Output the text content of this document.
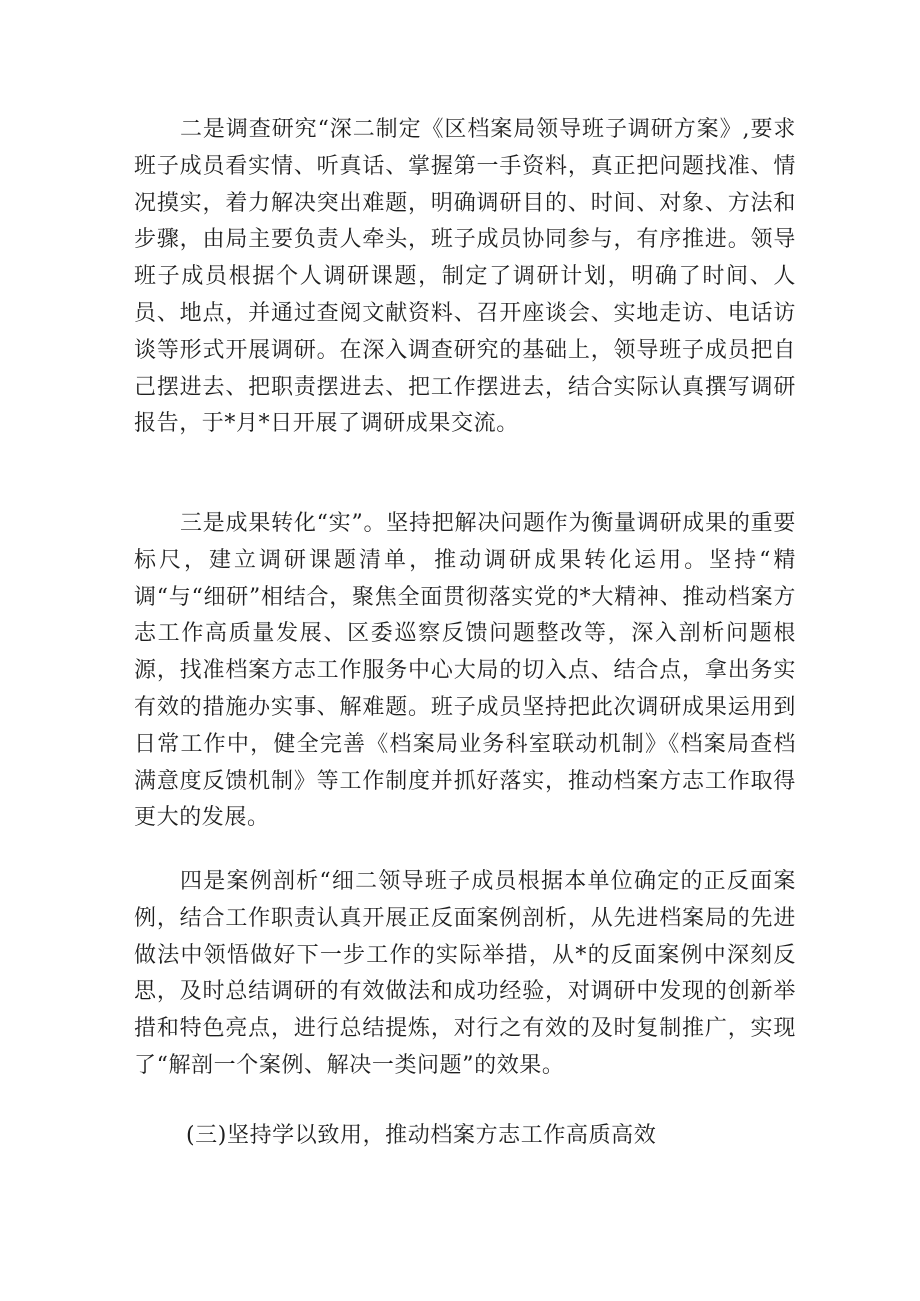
二是调查研究“深二制定《区档案局领导班子调研方案》,要求班子成员看实情、听真话、掌握第一手资料，真正把问题找准、情况摸实，着力解决突出难题，明确调研目的、时间、对象、方法和步骤，由局主要负责人牵头，班子成员协同参与，有序推进。领导班子成员根据个人调研课题，制定了调研计划，明确了时间、人员、地点，并通过查阅文献资料、召开座谈会、实地走访、电话访谈等形式开展调研。在深入调查研究的基础上，领导班子成员把自己摆进去、把职责摆进去、把工作摆进去，结合实际认真撰写调研报告，于*月*日开展了调研成果交流。

三是成果转化“实”。坚持把解决问题作为衡量调研成果的重要标尺，建立调研课题清单，推动调研成果转化运用。坚持“精调“与“细研”相结合，聚焦全面贯彻落实党的*大精神、推动档案方志工作高质量发展、区委巡察反馈问题整改等，深入剖析问题根源，找准档案方志工作服务中心大局的切入点、结合点，拿出务实有效的措施办实事、解难题。班子成员坚持把此次调研成果运用到日常工作中，健全完善《档案局业务科室联动机制》《档案局查档满意度反馈机制》等工作制度并抓好落实，推动档案方志工作取得更大的发展。

四是案例剖析“细二领导班子成员根据本单位确定的正反面案例，结合工作职责认真开展正反面案例剖析，从先进档案局的先进做法中领悟做好下一步工作的实际举措，从*的反面案例中深刻反思，及时总结调研的有效做法和成功经验，对调研中发现的创新举措和特色亮点，进行总结提炼，对行之有效的及时复制推广，实现了“解剖一个案例、解决一类问题”的效果。

(三)坚持学以致用，推动档案方志工作高质高效
